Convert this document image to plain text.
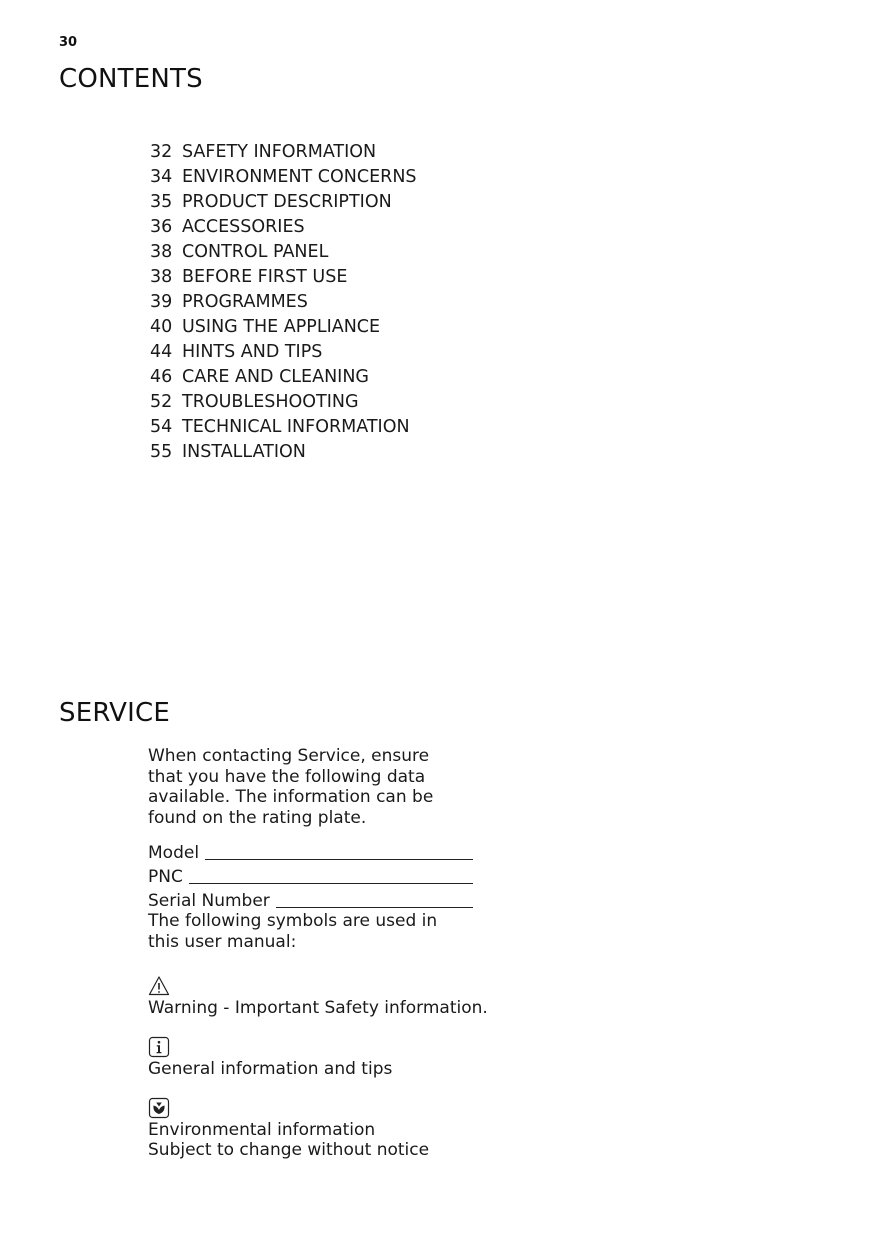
30
CONTENTS
32 SAFETY INFORMATION
34 ENVIRONMENT CONCERNS
35 PRODUCT DESCRIPTION
36 ACCESSORIES
38 CONTROL PANEL
38 BEFORE FIRST USE
39 PROGRAMMES
40 USING THE APPLIANCE
44 HINTS AND TIPS
46 CARE AND CLEANING
52 TROUBLESHOOTING
54 TECHNICAL INFORMATION
55 INSTALLATION
SERVICE

When contacting Service, ensure that you have the following data available. The information can be found on the rating plate.

Model
PNC
Serial Number

The following symbols are used in this user manual:

Warning - Important Safety information.
General information and tips
Environmental information

Subject to change without notice
